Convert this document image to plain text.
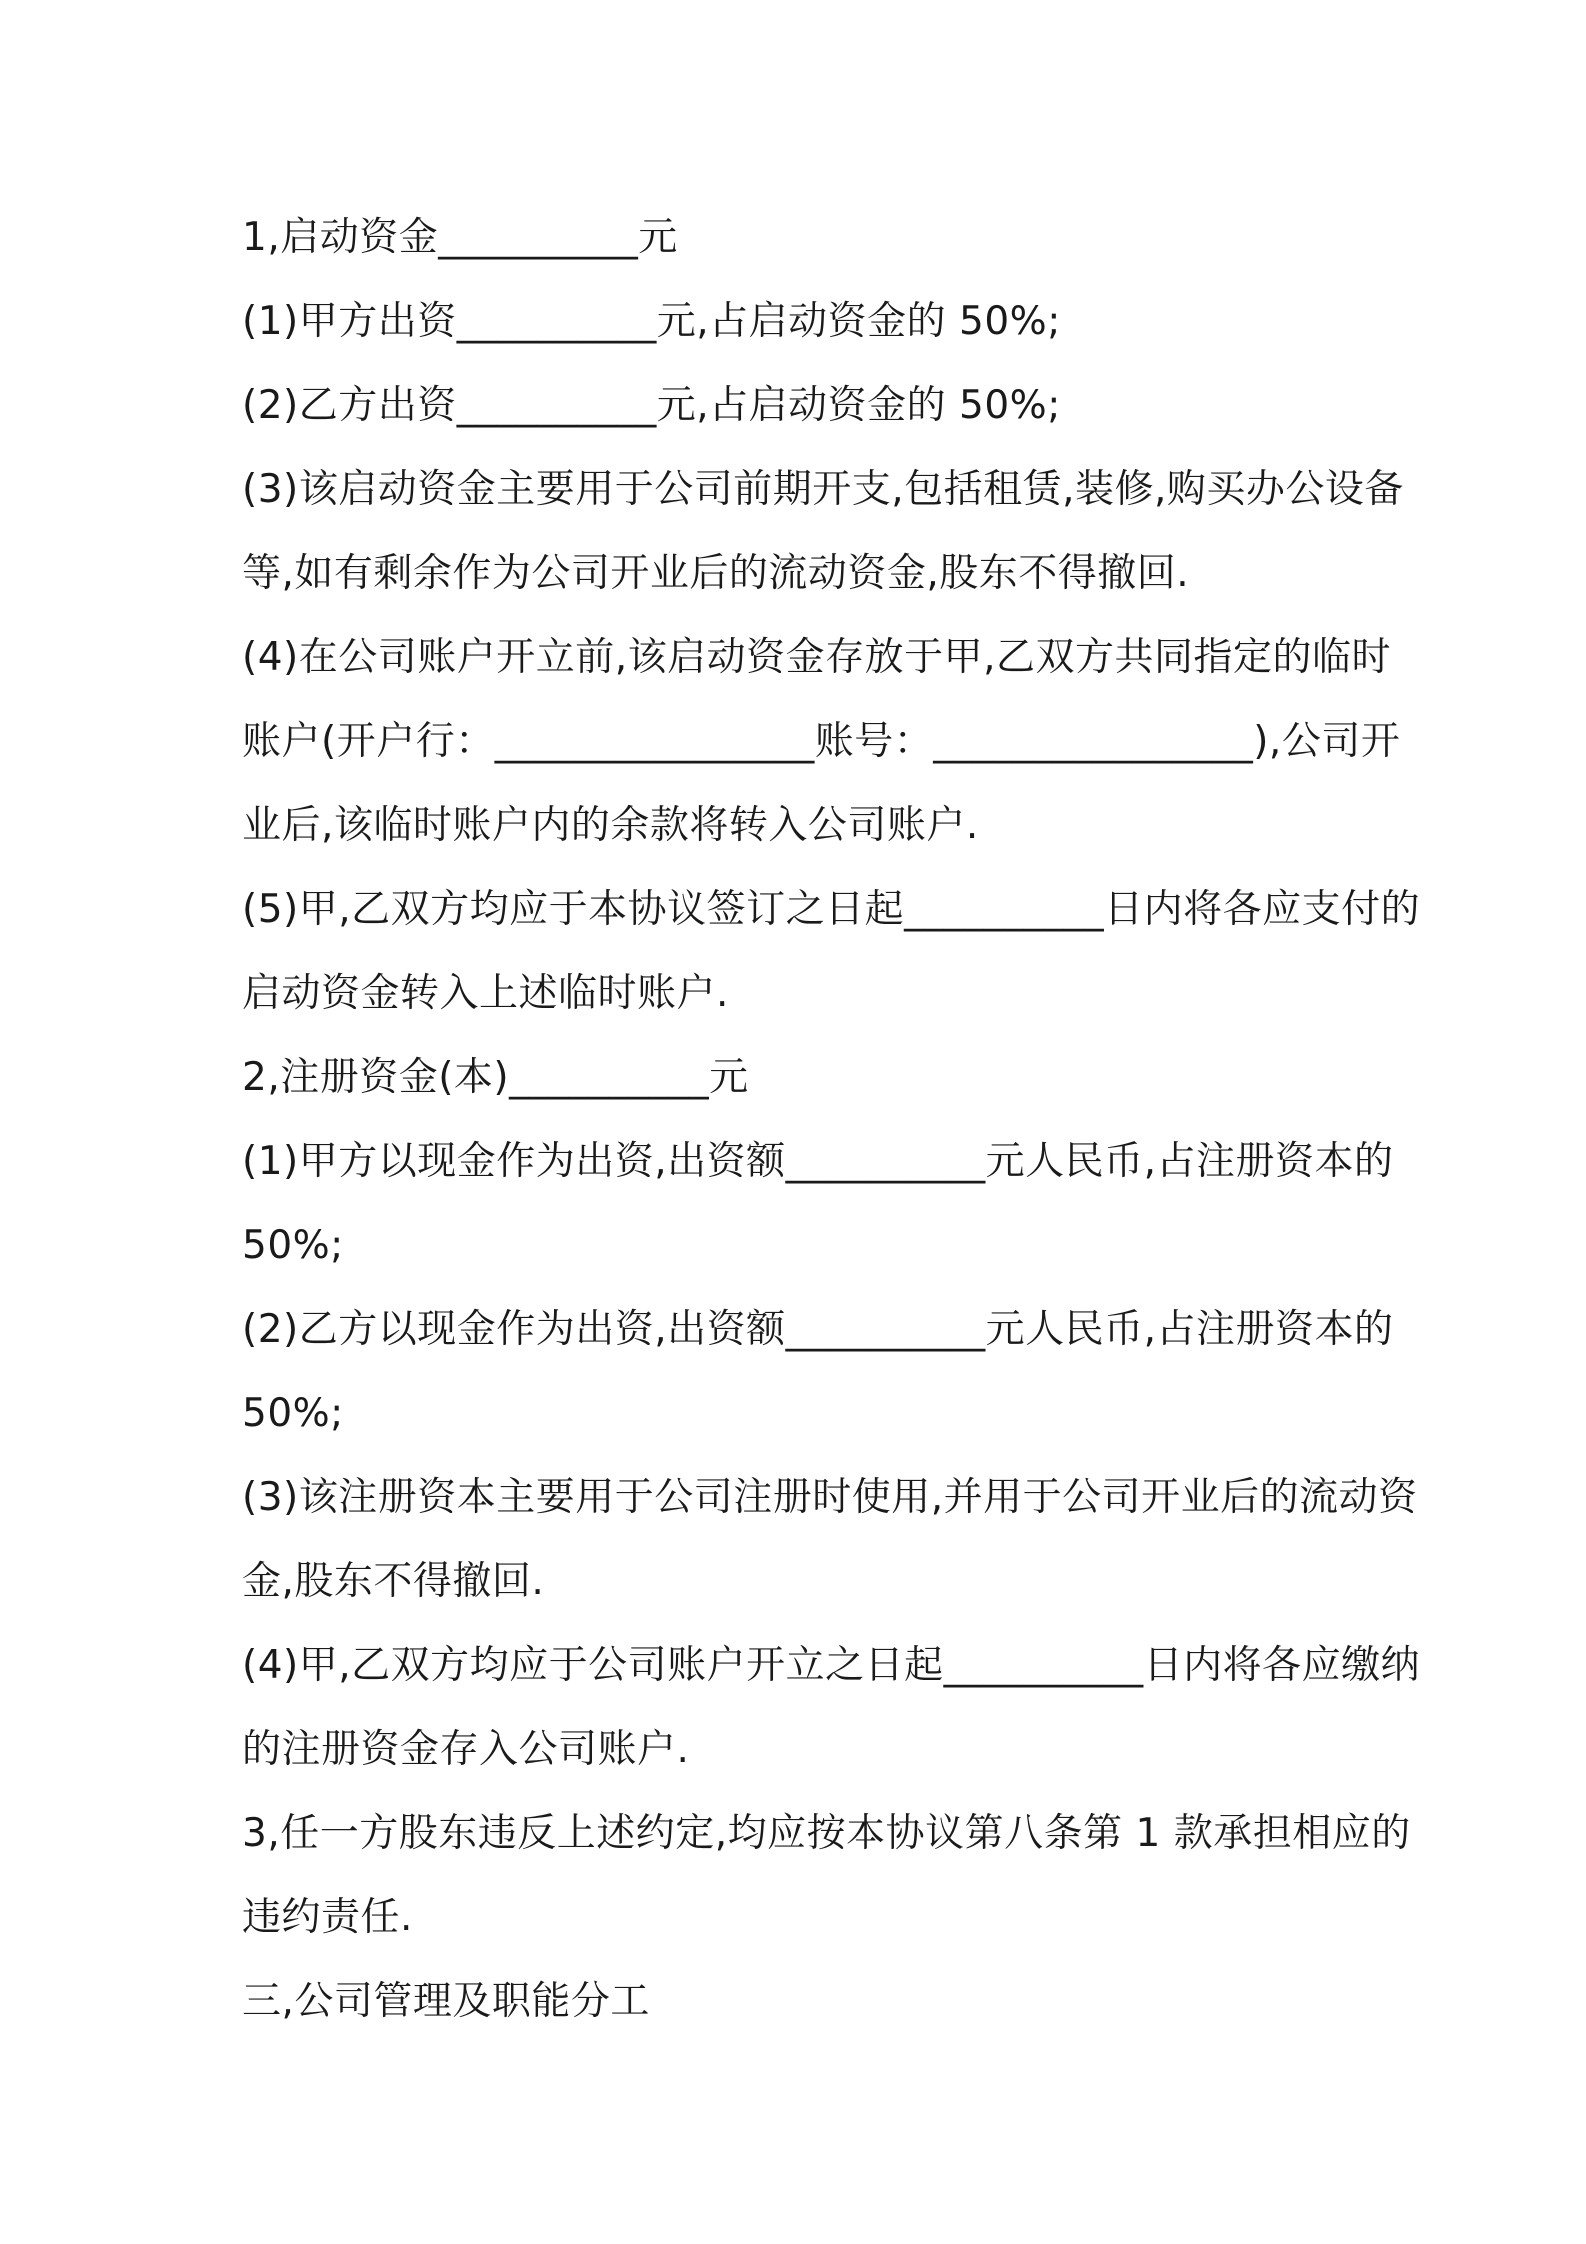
1,启动资金__________元
(1)甲方出资__________元,占启动资金的 50%;
(2)乙方出资__________元,占启动资金的 50%;
(3)该启动资金主要用于公司前期开支,包括租赁,装修,购买办公设备
等,如有剩余作为公司开业后的流动资金,股东不得撤回.
(4)在公司账户开立前,该启动资金存放于甲,乙双方共同指定的临时
账户(开户行：________________账号：________________),公司开
业后,该临时账户内的余款将转入公司账户.
(5)甲,乙双方均应于本协议签订之日起__________日内将各应支付的
启动资金转入上述临时账户.
2,注册资金(本)__________元
(1)甲方以现金作为出资,出资额__________元人民币,占注册资本的
50%;
(2)乙方以现金作为出资,出资额__________元人民币,占注册资本的
50%;
(3)该注册资本主要用于公司注册时使用,并用于公司开业后的流动资
金,股东不得撤回.
(4)甲,乙双方均应于公司账户开立之日起__________日内将各应缴纳
的注册资金存入公司账户.
3,任一方股东违反上述约定,均应按本协议第八条第 1 款承担相应的
违约责任.
三,公司管理及职能分工
